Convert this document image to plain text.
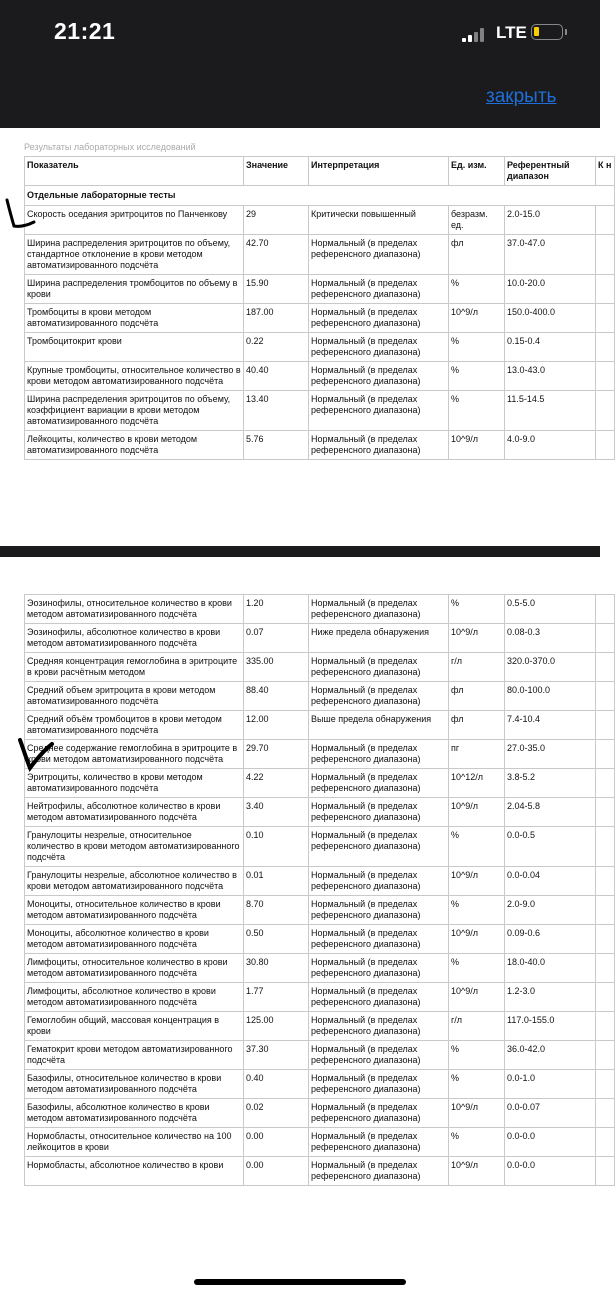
21:21	LTE
закрыть
Результаты лабораторных исследований
Показатель	Значение	Интерпретация	Ед. изм.	Референтный диапазон	К н
Отдельные лабораторные тесты					
Скорость оседания эритроцитов по Панченкову	29	Критически повышенный	безразм. ед.	2.0-15.0	
Ширина распределения эритроцитов по объему, стандартное отклонение в крови методом автоматизированного подсчёта	42.70	Нормальный (в пределах референсного диапазона)	фл	37.0-47.0	
Ширина распределения тромбоцитов по объему в крови	15.90	Нормальный (в пределах референсного диапазона)	%	10.0-20.0	
Тромбоциты в крови методом автоматизированного подсчёта	187.00	Нормальный (в пределах референсного диапазона)	10^9/л	150.0-400.0	
Тромбоцитокрит крови	0.22	Нормальный (в пределах референсного диапазона)	%	0.15-0.4	
Крупные тромбоциты, относительное количество в крови методом автоматизированного подсчёта	40.40	Нормальный (в пределах референсного диапазона)	%	13.0-43.0	
Ширина распределения эритроцитов по объему, коэффициент вариации в крови методом автоматизированного подсчёта	13.40	Нормальный (в пределах референсного диапазона)	%	11.5-14.5	
Лейкоциты, количество в крови методом автоматизированного подсчёта	5.76	Нормальный (в пределах референсного диапазона)	10^9/л	4.0-9.0	
Эозинофилы, относительное количество в крови методом автоматизированного подсчёта	1.20	Нормальный (в пределах референсного диапазона)	%	0.5-5.0	
Эозинофилы, абсолютное количество в крови методом автоматизированного подсчёта	0.07	Ниже предела обнаружения	10^9/л	0.08-0.3	
Средняя концентрация гемоглобина в эритроците в крови расчётным методом	335.00	Нормальный (в пределах референсного диапазона)	г/л	320.0-370.0	
Средний объем эритроцита в крови методом автоматизированного подсчёта	88.40	Нормальный (в пределах референсного диапазона)	фл	80.0-100.0	
Средний объём тромбоцитов в крови методом автоматизированного подсчёта	12.00	Выше предела обнаружения	фл	7.4-10.4	
Среднее содержание гемоглобина в эритроците в крови методом автоматизированного подсчёта	29.70	Нормальный (в пределах референсного диапазона)	пг	27.0-35.0	
Эритроциты, количество в крови методом автоматизированного подсчёта	4.22	Нормальный (в пределах референсного диапазона)	10^12/л	3.8-5.2	
Нейтрофилы, абсолютное количество в крови методом автоматизированного подсчёта	3.40	Нормальный (в пределах референсного диапазона)	10^9/л	2.04-5.8	
Гранулоциты незрелые, относительное количество в крови методом автоматизированного подсчёта	0.10	Нормальный (в пределах референсного диапазона)	%	0.0-0.5	
Гранулоциты незрелые, абсолютное количество в крови методом автоматизированного подсчёта	0.01	Нормальный (в пределах референсного диапазона)	10^9/л	0.0-0.04	
Моноциты, относительное количество в крови методом автоматизированного подсчёта	8.70	Нормальный (в пределах референсного диапазона)	%	2.0-9.0	
Моноциты, абсолютное количество в крови методом автоматизированного подсчёта	0.50	Нормальный (в пределах референсного диапазона)	10^9/л	0.09-0.6	
Лимфоциты, относительное количество в крови методом автоматизированного подсчёта	30.80	Нормальный (в пределах референсного диапазона)	%	18.0-40.0	
Лимфоциты, абсолютное количество в крови методом автоматизированного подсчёта	1.77	Нормальный (в пределах референсного диапазона)	10^9/л	1.2-3.0	
Гемоглобин общий, массовая концентрация в крови	125.00	Нормальный (в пределах референсного диапазона)	г/л	117.0-155.0	
Гематокрит крови методом автоматизированного подсчёта	37.30	Нормальный (в пределах референсного диапазона)	%	36.0-42.0	
Базофилы, относительное количество в крови методом автоматизированного подсчёта	0.40	Нормальный (в пределах референсного диапазона)	%	0.0-1.0	
Базофилы, абсолютное количество в крови методом автоматизированного подсчёта	0.02	Нормальный (в пределах референсного диапазона)	10^9/л	0.0-0.07	
Нормобласты, относительное количество на 100 лейкоцитов в крови	0.00	Нормальный (в пределах референсного диапазона)	%	0.0-0.0	
Нормобласты, абсолютное количество в крови	0.00	Нормальный (в пределах референсного диапазона)	10^9/л	0.0-0.0	
